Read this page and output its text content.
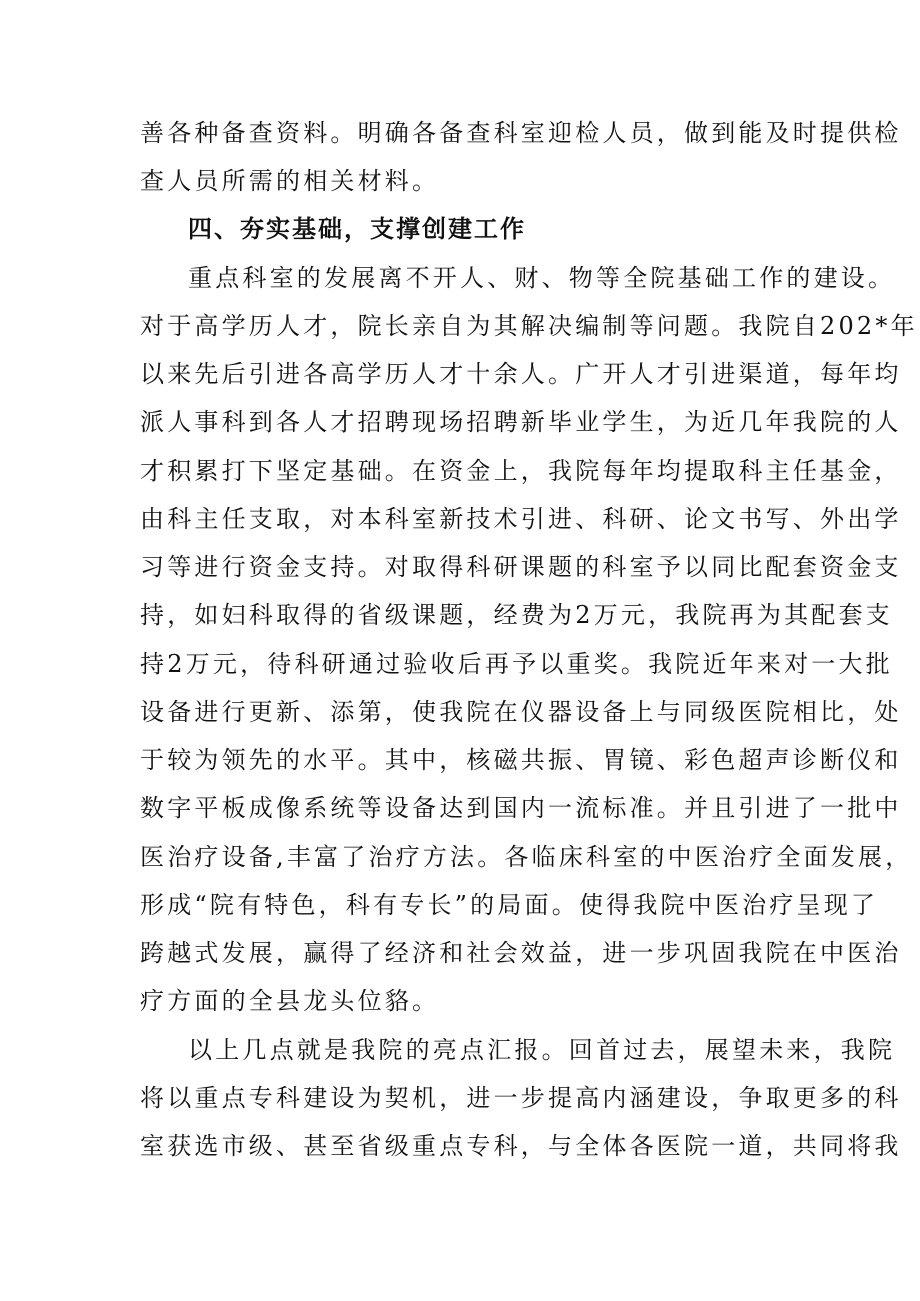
善各种备查资料。明确各备查科室迎检人员，做到能及时提供检
查人员所需的相关材料。
四、夯实基础，支撑创建工作
重点科室的发展离不开人、财、物等全院基础工作的建设。
对于高学历人才，院长亲自为其解决编制等问题。我院自202*年
以来先后引进各高学历人才十余人。广开人才引进渠道，每年均
派人事科到各人才招聘现场招聘新毕业学生，为近几年我院的人
才积累打下坚定基础。在资金上，我院每年均提取科主任基金，
由科主任支取，对本科室新技术引进、科研、论文书写、外出学
习等进行资金支持。对取得科研课题的科室予以同比配套资金支
持，如妇科取得的省级课题，经费为2万元，我院再为其配套支
持2万元，待科研通过验收后再予以重奖。我院近年来对一大批
设备进行更新、添第，使我院在仪器设备上与同级医院相比，处
于较为领先的水平。其中，核磁共振、胃镜、彩色超声诊断仪和
数字平板成像系统等设备达到国内一流标准。并且引进了一批中
医治疗设备,丰富了治疗方法。各临床科室的中医治疗全面发展，
形成“院有特色，科有专长”的局面。使得我院中医治疗呈现了
跨越式发展，赢得了经济和社会效益，进一步巩固我院在中医治
疗方面的全县龙头位貉。
以上几点就是我院的亮点汇报。回首过去，展望未来，我院
将以重点专科建设为契机，进一步提高内涵建设，争取更多的科
室获选市级、甚至省级重点专科，与全体各医院一道，共同将我
